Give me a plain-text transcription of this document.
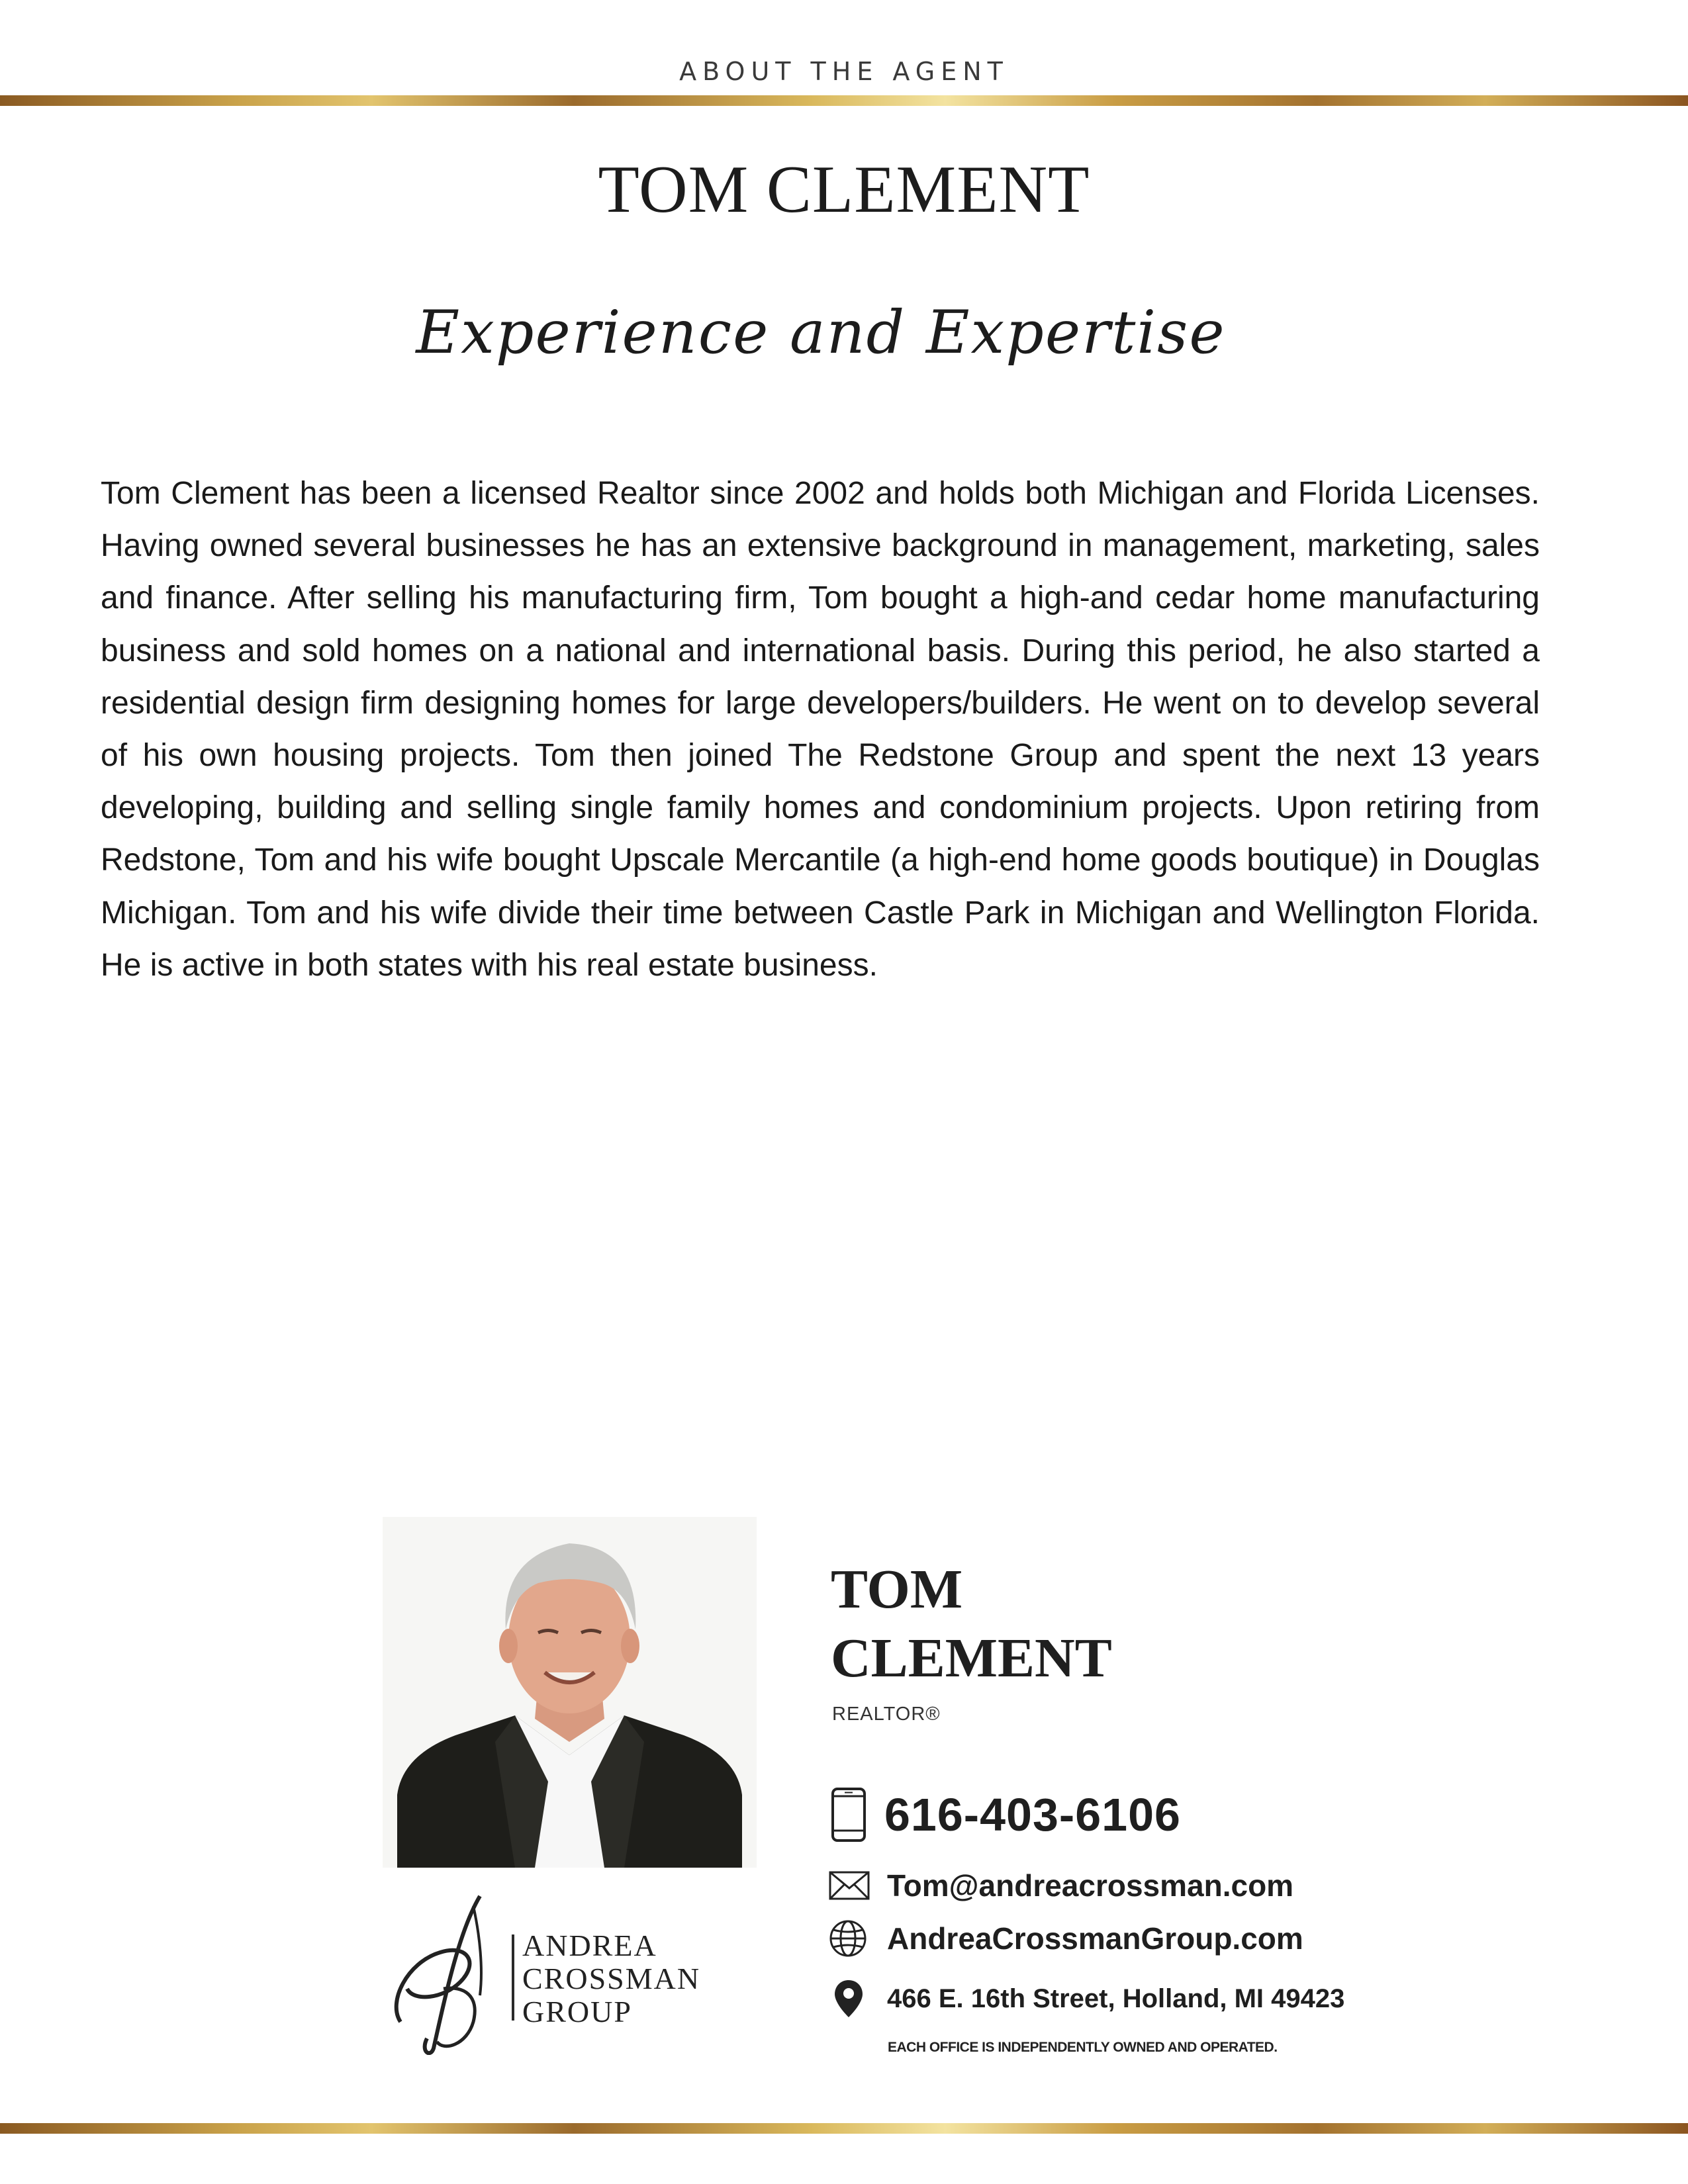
ABOUT THE AGENT
TOM CLEMENT
Experience and Expertise

Tom Clement has been a licensed Realtor since 2002 and holds both Michigan and Florida Licenses. Having owned several businesses he has an extensive background in management, marketing, sales and finance. After selling his manufacturing firm, Tom bought a high-and cedar home manufacturing business and sold homes on a national and international basis. During this period, he also started a residential design firm designing homes for large developers/builders. He went on to develop several of his own housing projects. Tom then joined The Redstone Group and spent the next 13 years developing, building and selling single family homes and condominium projects. Upon retiring from Redstone, Tom and his wife bought Upscale Mercantile (a high-end home goods boutique) in Douglas Michigan. Tom and his wife divide their time between Castle Park in Michigan and Wellington Florida. He is active in both states with his real estate business.

ANDREA
CROSSMAN
GROUP
TOM
CLEMENT
REALTOR®
616-403-6106
Tom@andreacrossman.com
AndreaCrossmanGroup.com
466 E. 16th Street, Holland, MI 49423
EACH OFFICE IS INDEPENDENTLY OWNED AND OPERATED.
